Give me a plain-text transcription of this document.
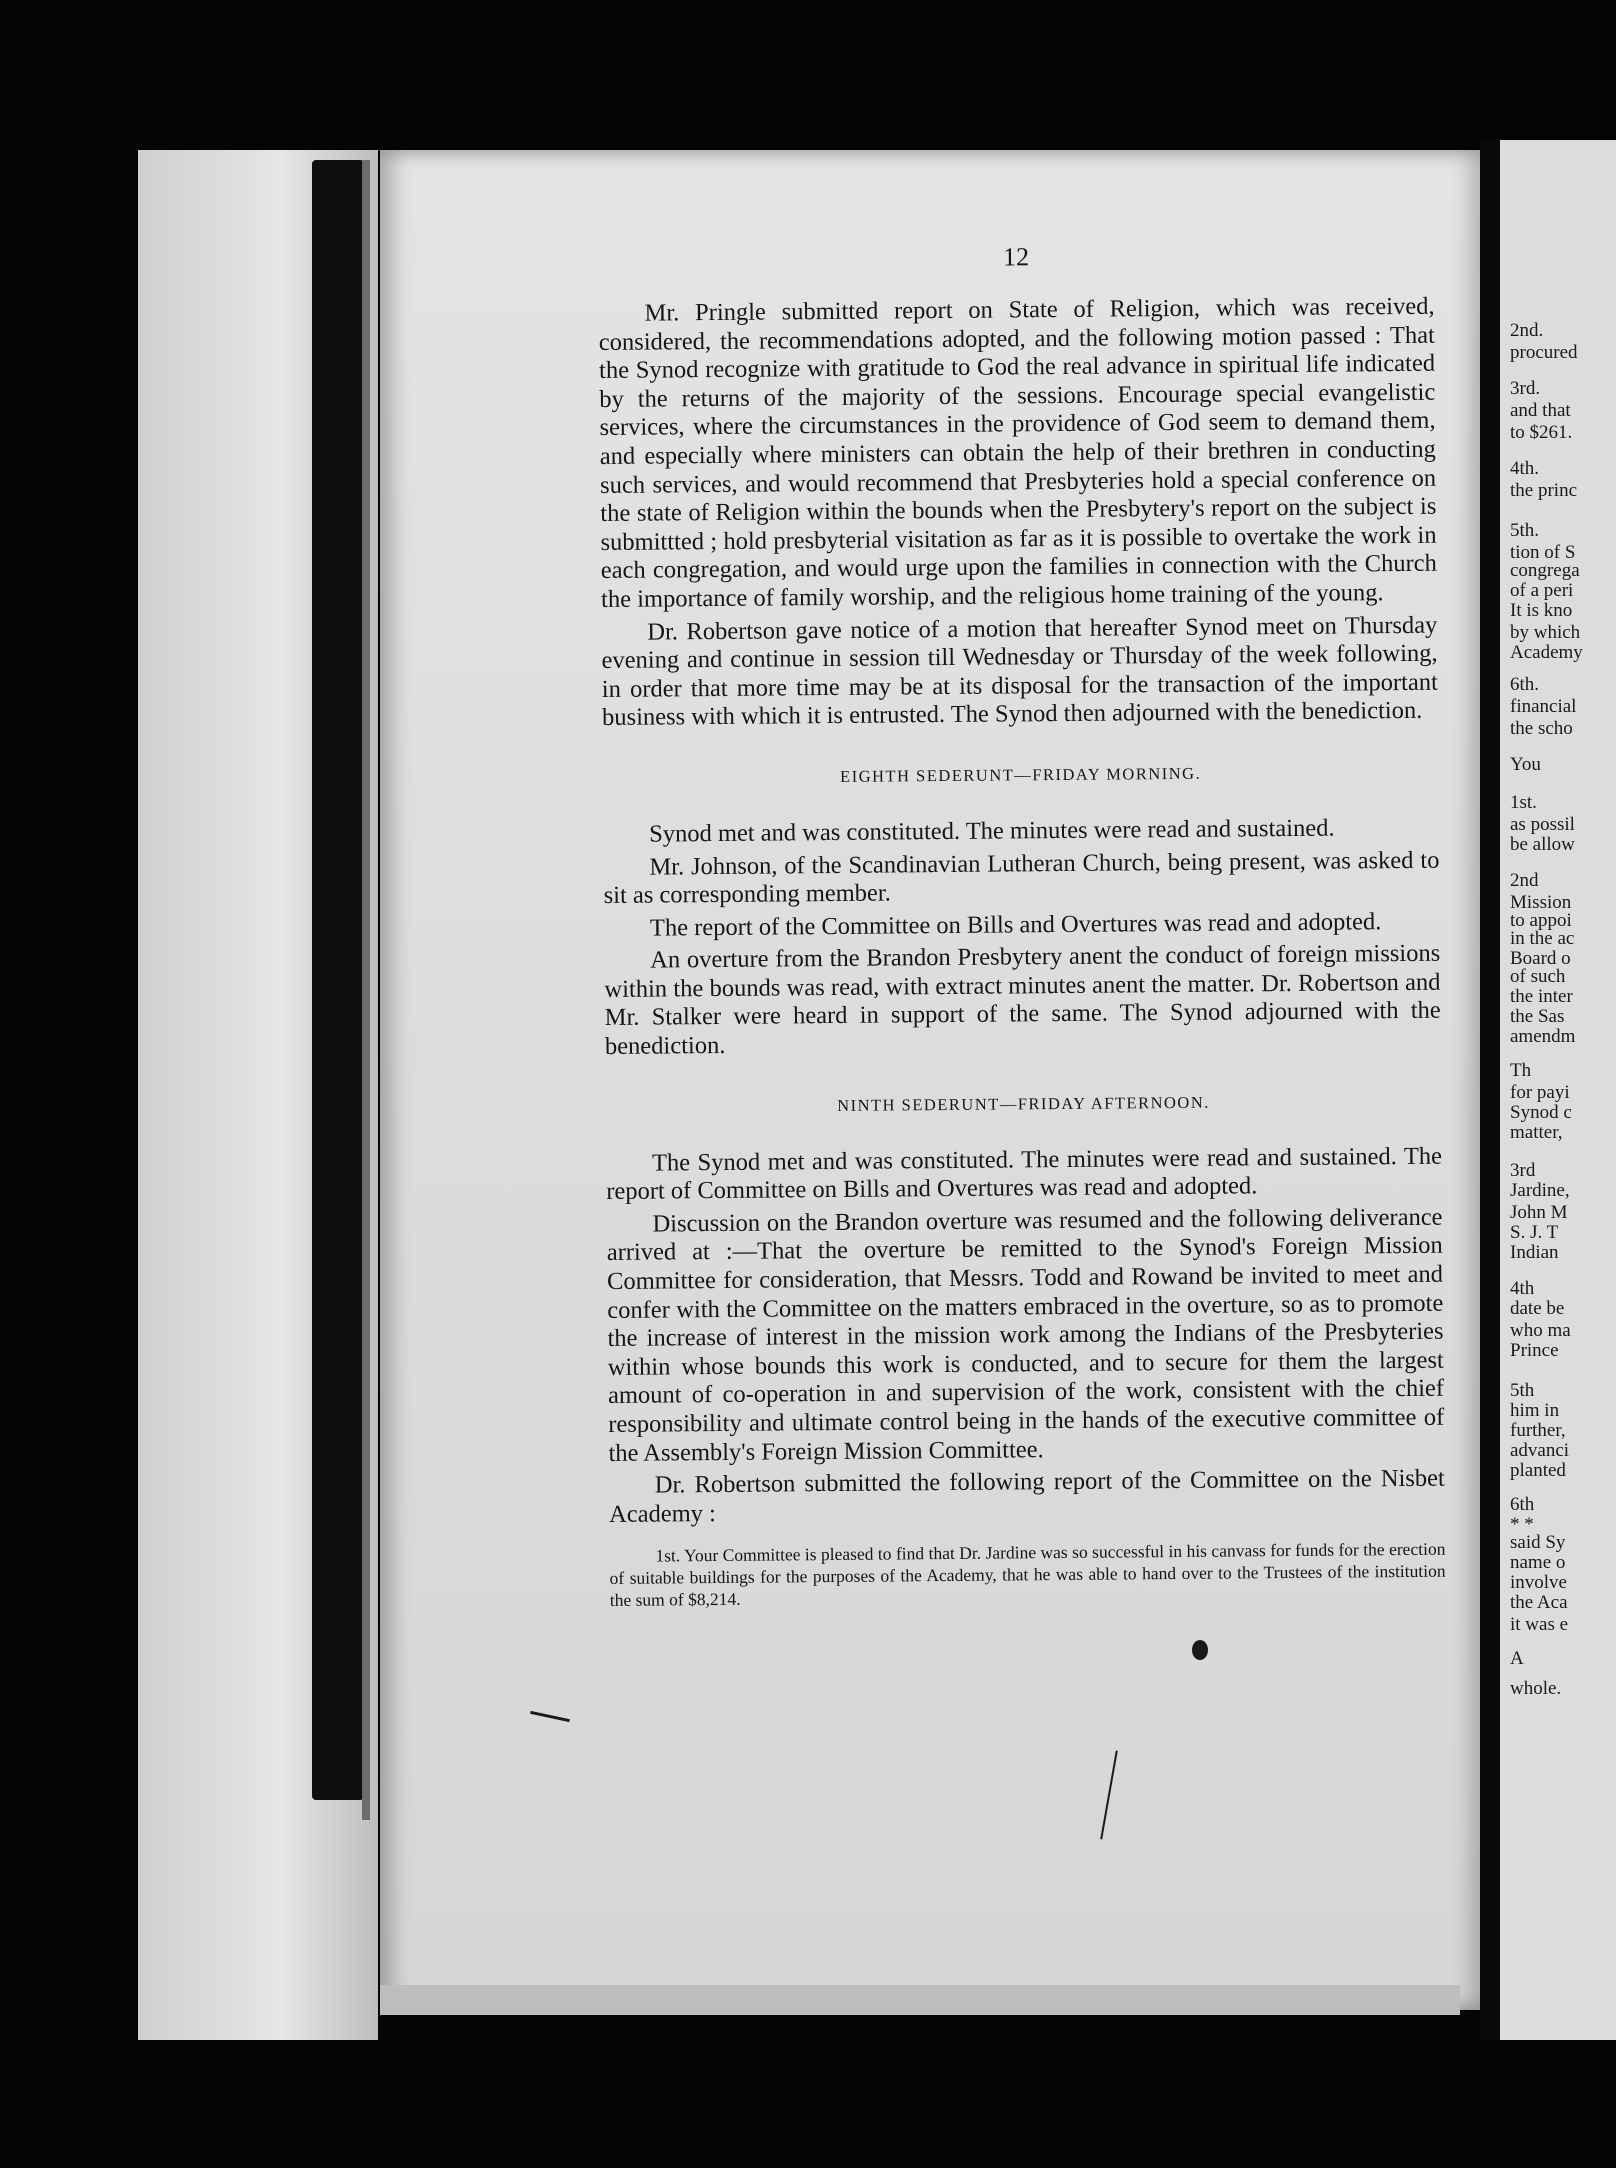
2nd.
procured
3rd.
and that
to $261.
4th.
the princ
5th.
tion of S
congrega
of a peri
It is kno
by which
Academy
6th.
financial
the scho
You
1st.
as possil
be allow
2nd
Mission
to appoi
in the ac
Board o
of such
the inter
the Sas
amendm
Th
for payi
Synod c
matter,
3rd
Jardine,
John M
S. J. T
Indian
4th
date be
who ma
Prince
5th
him in
further,
advanci
planted
6th
* *
said Sy
name o
involve
the Aca
it was e
A
whole.
12

Mr. Pringle submitted report on State of Religion, which was received, considered, the recommendations adopted, and the following motion passed : That the Synod recognize with gratitude to God the real advance in spiritual life indicated by the returns of the majority of the sessions. Encourage special evangelistic services, where the circumstances in the providence of God seem to demand them, and especially where ministers can obtain the help of their brethren in conducting such services, and would recommend that Presbyteries hold a special conference on the state of Religion within the bounds when the Presbytery's report on the subject is submittted ; hold presbyterial visitation as far as it is possible to overtake the work in each congregation, and would urge upon the families in connection with the Church the importance of family worship, and the religious home training of the young.

Dr. Robertson gave notice of a motion that hereafter Synod meet on Thursday evening and continue in session till Wednesday or Thursday of the week following, in order that more time may be at its disposal for the transaction of the important business with which it is entrusted. The Synod then adjourned with the benediction.

EIGHTH SEDERUNT—FRIDAY MORNING.

Synod met and was constituted. The minutes were read and sustained.

Mr. Johnson, of the Scandinavian Lutheran Church, being present, was asked to sit as corresponding member.

The report of the Committee on Bills and Overtures was read and adopted.

An overture from the Brandon Presbytery anent the conduct of foreign missions within the bounds was read, with extract minutes anent the matter. Dr. Robertson and Mr. Stalker were heard in support of the same. The Synod adjourned with the benediction.

NINTH SEDERUNT—FRIDAY AFTERNOON.

The Synod met and was constituted. The minutes were read and sustained. The report of Committee on Bills and Overtures was read and adopted.

Discussion on the Brandon overture was resumed and the following deliverance arrived at :—That the overture be remitted to the Synod's Foreign Mission Committee for consideration, that Messrs. Todd and Rowand be invited to meet and confer with the Committee on the matters embraced in the overture, so as to promote the increase of interest in the mission work among the Indians of the Presbyteries within whose bounds this work is conducted, and to secure for them the largest amount of co-operation in and supervision of the work, consistent with the chief responsibility and ultimate control being in the hands of the executive committee of the Assembly's Foreign Mission Committee.

Dr. Robertson submitted the following report of the Committee on the Nisbet Academy :

1st. Your Committee is pleased to find that Dr. Jardine was so successful in his canvass for funds for the erection of suitable buildings for the purposes of the Academy, that he was able to hand over to the Trustees of the institution the sum of $8,214.
